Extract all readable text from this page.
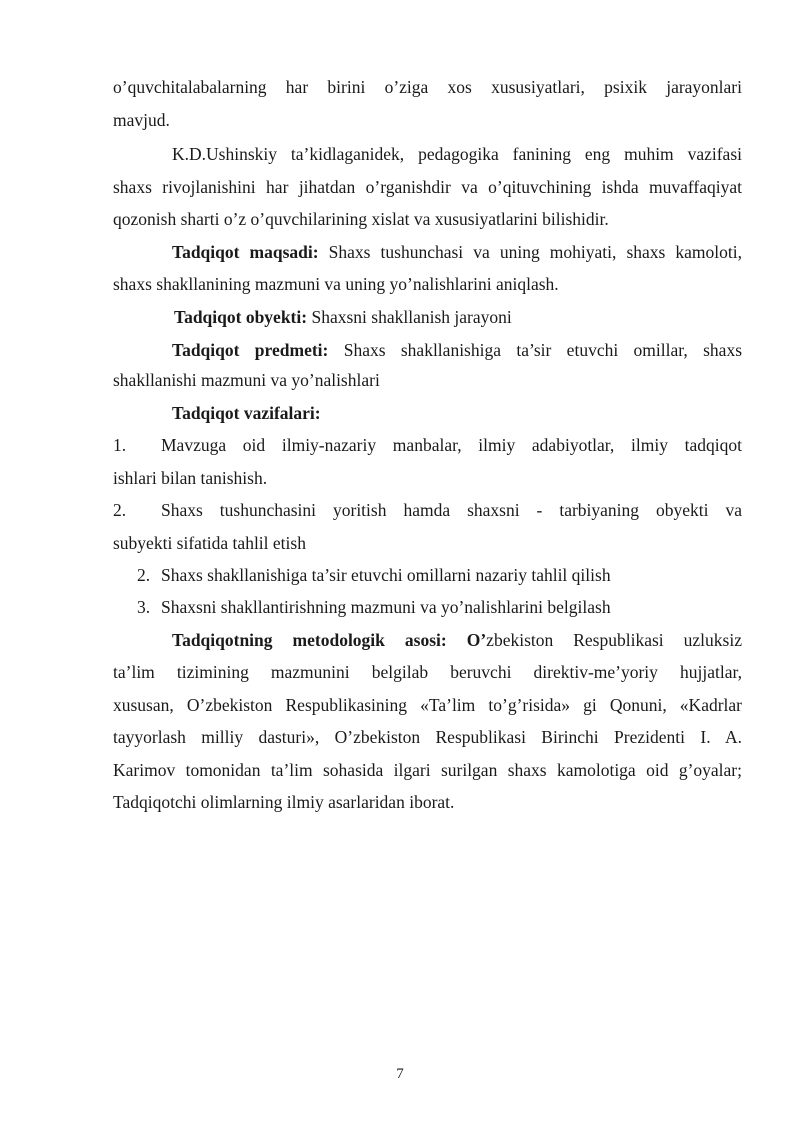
o’quvchitalabalarning har birini o’ziga xos xususiyatlari, psixik jarayonlari
mavjud.
K.D.Ushinskiy ta’kidlaganidek, pedagogika fanining eng muhim vazifasi
shaxs rivojlanishini har jihatdan o’rganishdir va o’qituvchining ishda muvaffaqiyat
qozonish sharti o’z o’quvchilarining xislat va xususiyatlarini bilishidir.
Tadqiqot maqsadi: Shaxs tushunchasi va uning mohiyati, shaxs kamoloti,
shaxs shakllanining mazmuni va uning yo’nalishlarini aniqlash.
Tadqiqot obyekti: Shaxsni shakllanish jarayoni
Tadqiqot predmeti: Shaxs shakllanishiga ta’sir etuvchi omillar, shaxs
shakllanishi mazmuni va yo’nalishlari
Tadqiqot vazifalari:
1. Mavzuga oid ilmiy-nazariy manbalar, ilmiy adabiyotlar, ilmiy tadqiqot
ishlari bilan tanishish.
2. Shaxs tushunchasini yoritish hamda shaxsni - tarbiyaning obyekti va
subyekti sifatida tahlil etish
2. Shaxs shakllanishiga ta’sir etuvchi omillarni nazariy tahlil qilish
3. Shaxsni shakllantirishning mazmuni va yo’nalishlarini belgilash
Tadqiqotning metodologik asosi: O’zbekiston Respublikasi uzluksiz
ta’lim tizimining mazmunini belgilab beruvchi direktiv-me’yoriy hujjatlar,
xususan, O’zbekiston Respublikasining «Ta’lim to’g’risida» gi Qonuni, «Kadrlar
tayyorlash milliy dasturi», O’zbekiston Respublikasi Birinchi Prezidenti I. A.
Karimov tomonidan ta’lim sohasida ilgari surilgan shaxs kamolotiga oid g’oyalar;
Tadqiqotchi olimlarning ilmiy asarlaridan iborat.
7
